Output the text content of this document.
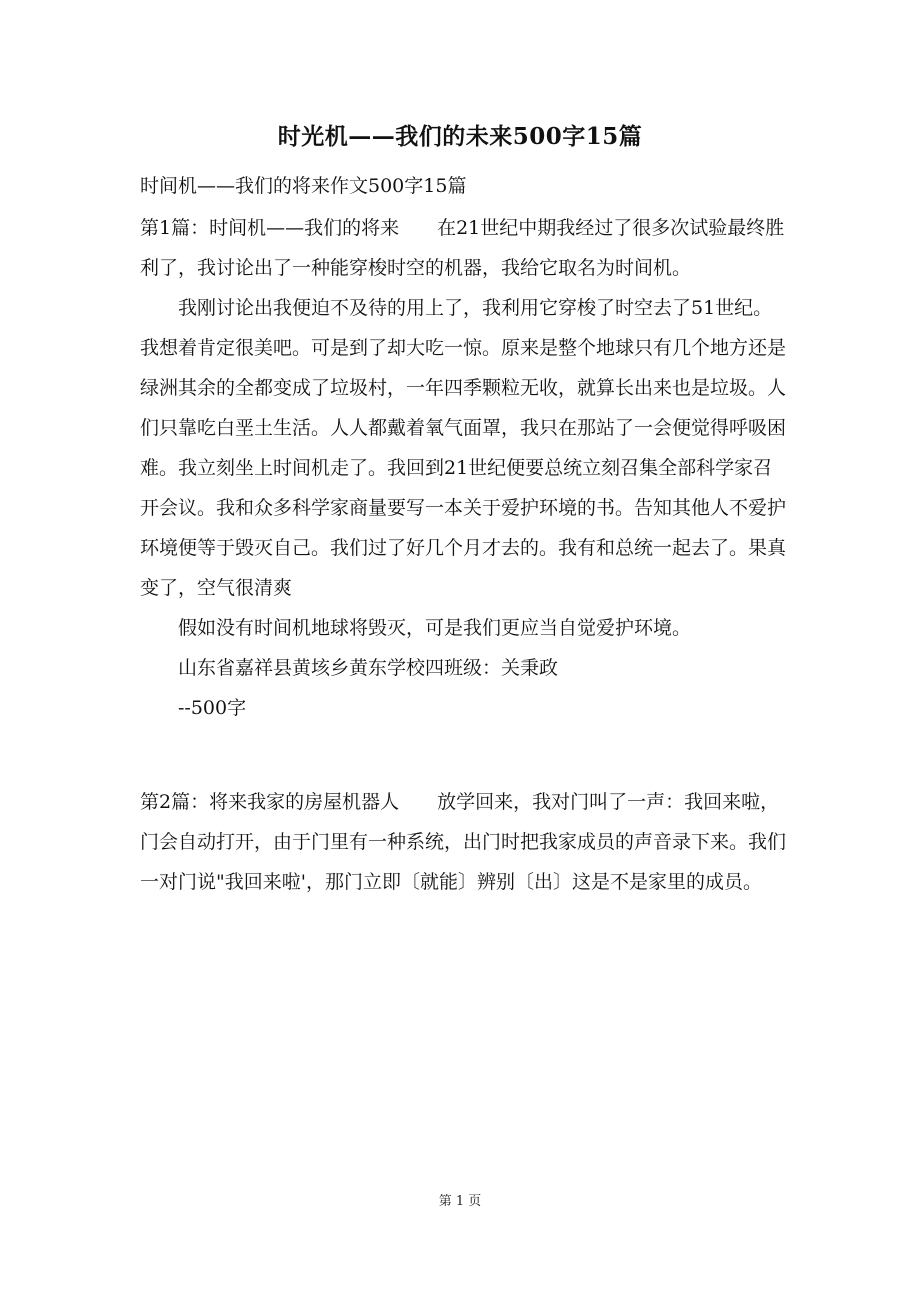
时光机——我们的未来500字15篇

时间机——我们的将来作文500字15篇

第1篇：时间机——我们的将来　　在21世纪中期我经过了很多次试验最终胜利了，我讨论出了一种能穿梭时空的机器，我给它取名为时间机。

我刚讨论出我便迫不及待的用上了，我利用它穿梭了时空去了51世纪。我想着肯定很美吧。可是到了却大吃一惊。原来是整个地球只有几个地方还是绿洲其余的全都变成了垃圾村，一年四季颗粒无收，就算长出来也是垃圾。人们只靠吃白垩土生活。人人都戴着氧气面罩，我只在那站了一会便觉得呼吸困难。我立刻坐上时间机走了。我回到21世纪便要总统立刻召集全部科学家召开会议。我和众多科学家商量要写一本关于爱护环境的书。告知其他人不爱护环境便等于毁灭自己。我们过了好几个月才去的。我有和总统一起去了。果真变了，空气很清爽

假如没有时间机地球将毁灭，可是我们更应当自觉爱护环境。

山东省嘉祥县黄垓乡黄东学校四班级：关秉政

--500字

第2篇：将来我家的房屋机器人　　放学回来，我对门叫了一声：我回来啦，门会自动打开，由于门里有一种系统，出门时把我家成员的声音录下来。我们一对门说"我回来啦'，那门立即〔就能〕辨别〔出〕这是不是家里的成员。

第 1 页
